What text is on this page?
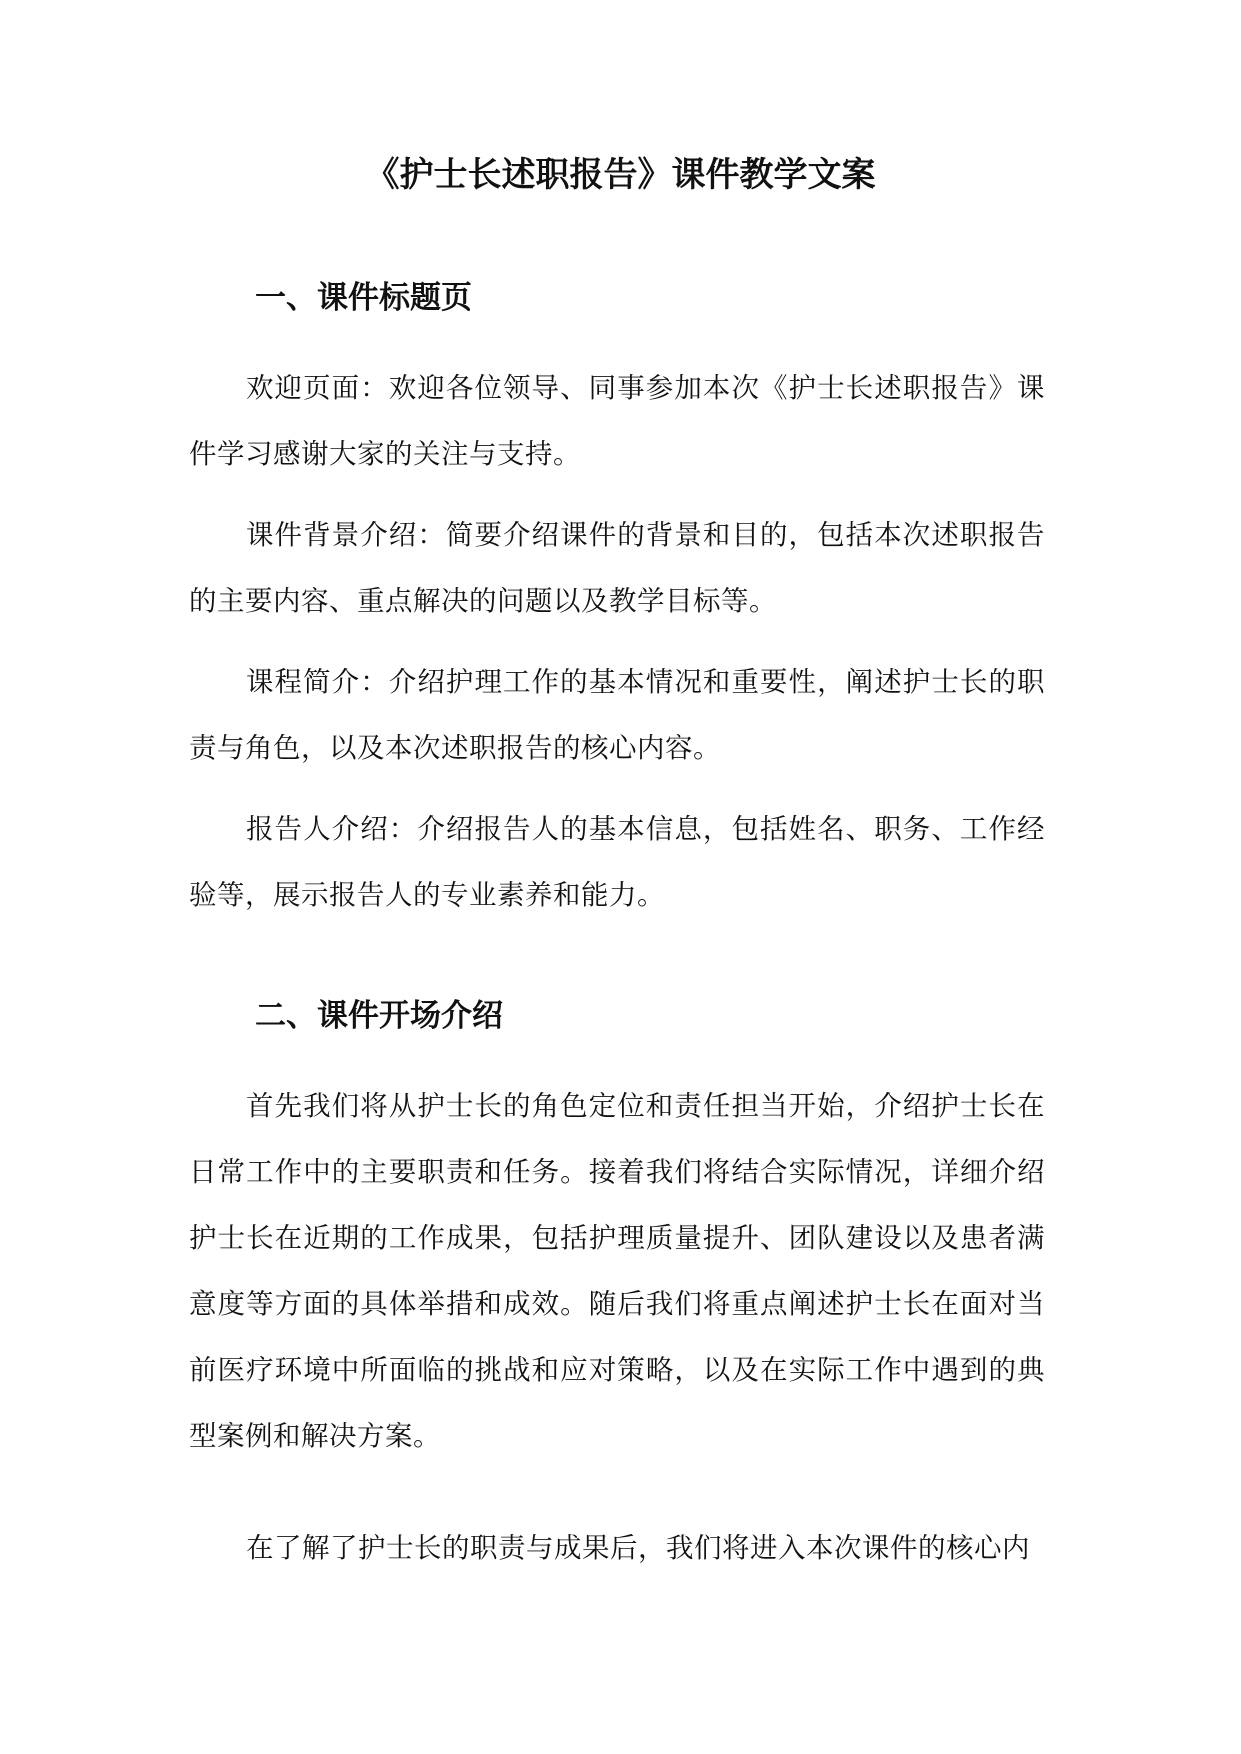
《护士长述职报告》课件教学文案
一、课件标题页

欢迎页面：欢迎各位领导、同事参加本次《护士长述职报告》课件学习感谢大家的关注与支持。

课件背景介绍：简要介绍课件的背景和目的，包括本次述职报告的主要内容、重点解决的问题以及教学目标等。

课程简介：介绍护理工作的基本情况和重要性，阐述护士长的职责与角色，以及本次述职报告的核心内容。

报告人介绍：介绍报告人的基本信息，包括姓名、职务、工作经验等，展示报告人的专业素养和能力。

二、课件开场介绍

首先我们将从护士长的角色定位和责任担当开始，介绍护士长在日常工作中的主要职责和任务。接着我们将结合实际情况，详细介绍护士长在近期的工作成果，包括护理质量提升、团队建设以及患者满意度等方面的具体举措和成效。随后我们将重点阐述护士长在面对当前医疗环境中所面临的挑战和应对策略，以及在实际工作中遇到的典型案例和解决方案。

在了解了护士长的职责与成果后，我们将进入本次课件的核心内
